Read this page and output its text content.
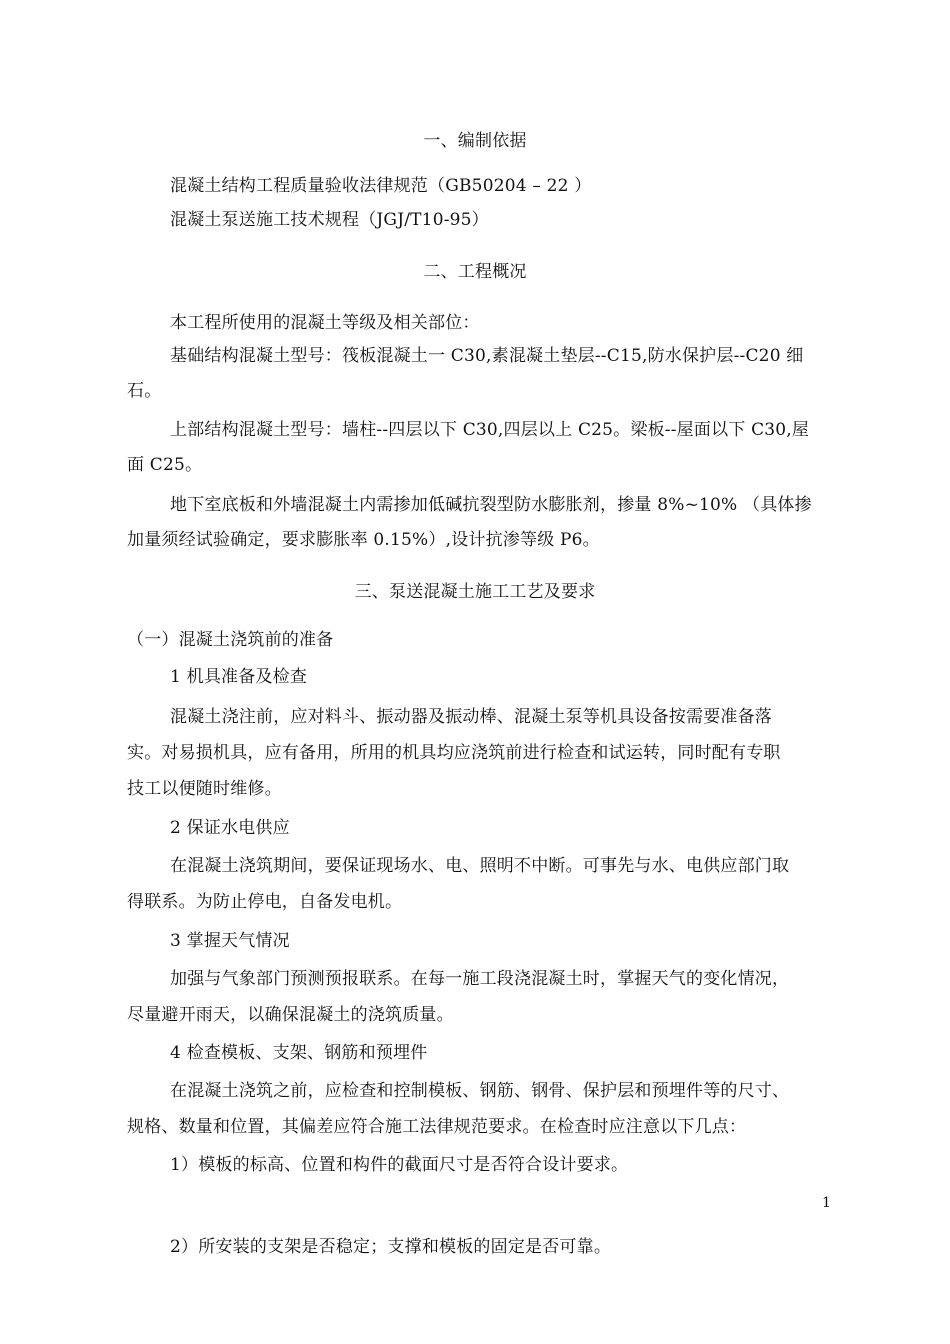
一、编制依据
混凝土结构工程质量验收法律规范（GB50204 – 22 ）
混凝土泵送施工技术规程（JGJ/T10-95）
二、工程概况
本工程所使用的混凝土等级及相关部位：
基础结构混凝土型号：筏板混凝土一 C30,素混凝土垫层--C15,防水保护层--C20 细
石。
上部结构混凝土型号：墙柱--四层以下 C30,四层以上 C25。梁板--屋面以下 C30,屋
面 C25。
地下室底板和外墙混凝土内需掺加低碱抗裂型防水膨胀剂，掺量 8%~10% （具体掺
加量须经试验确定，要求膨胀率 0.15%）,设计抗渗等级 P6。
三、泵送混凝土施工工艺及要求
（一）混凝土浇筑前的准备
1 机具准备及检查
混凝土浇注前，应对料斗、振动器及振动棒、混凝土泵等机具设备按需要准备落
实。对易损机具，应有备用，所用的机具均应浇筑前进行检查和试运转，同时配有专职
技工以便随时维修。
2 保证水电供应
在混凝土浇筑期间，要保证现场水、电、照明不中断。可事先与水、电供应部门取
得联系。为防止停电，自备发电机。
3 掌握天气情况
加强与气象部门预测预报联系。在每一施工段浇混凝土时，掌握天气的变化情况，
尽量避开雨天，以确保混凝土的浇筑质量。
4 检查模板、支架、钢筋和预埋件
在混凝土浇筑之前，应检查和控制模板、钢筋、钢骨、保护层和预埋件等的尺寸、
规格、数量和位置，其偏差应符合施工法律规范要求。在检查时应注意以下几点：
1）模板的标高、位置和构件的截面尺寸是否符合设计要求。
1
2）所安装的支架是否稳定；支撑和模板的固定是否可靠。
